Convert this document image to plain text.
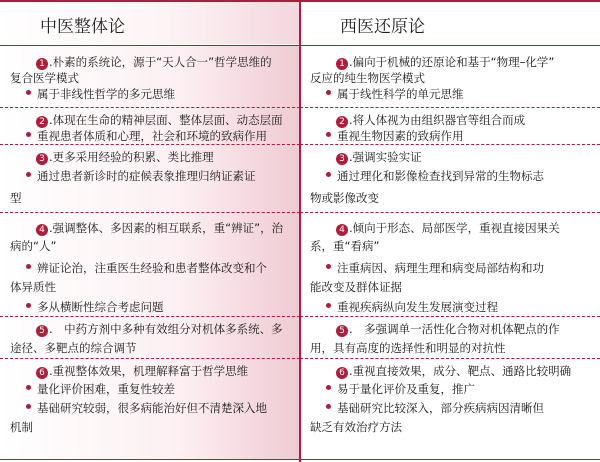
中医整体论	西医还原论
1 .朴素的系统论，源于“天人合一”哲学思维的
复合医学模式
属于非线性哲学的多元思维
2 .体现在生命的精神层面、整体层面、动态层面
重视患者体质和心理，社会和环境的致病作用
3 .更多采用经验的积累、类比推理
通过患者新诊时的症候表象推理归纳证素证
型
4 .强调整体、多因素的相互联系，重“辨证”，治
病的“人”
辨证论治，注重医生经验和患者整体改变和个
体异质性
多从横断性综合考虑问题
5 .　中药方剂中多种有效组分对机体多系统、多
途径、多靶点的综合调节
6 .重视整体效果，机理解释富于哲学思维
量化评价困难，重复性较差
基础研究较弱，很多病能治好但不清楚深入地
机制
1 .偏向于机械的还原论和基于“物理–化学”
反应的纯生物医学模式
属于线性科学的单元思维
2 .将人体视为由组织器官等组合而成
重视生物因素的致病作用
3 .强调实验实证
通过理化和影像检查找到异常的生物标志
物或影像改变
4 .倾向于形态、局部医学，重视直接因果关
系，重“看病”
注重病因、病理生理和病变局部结构和功
能改变及群体证据
重视疾病纵向发生发展演变过程
5 .　多强调单一活性化合物对机体靶点的作
用，具有高度的选择性和明显的对抗性
6 .重视直接效果，成分、靶点、通路比较明确
易于量化评价及重复，推广
基础研究比较深入，部分疾病病因清晰但
缺乏有效治疗方法
